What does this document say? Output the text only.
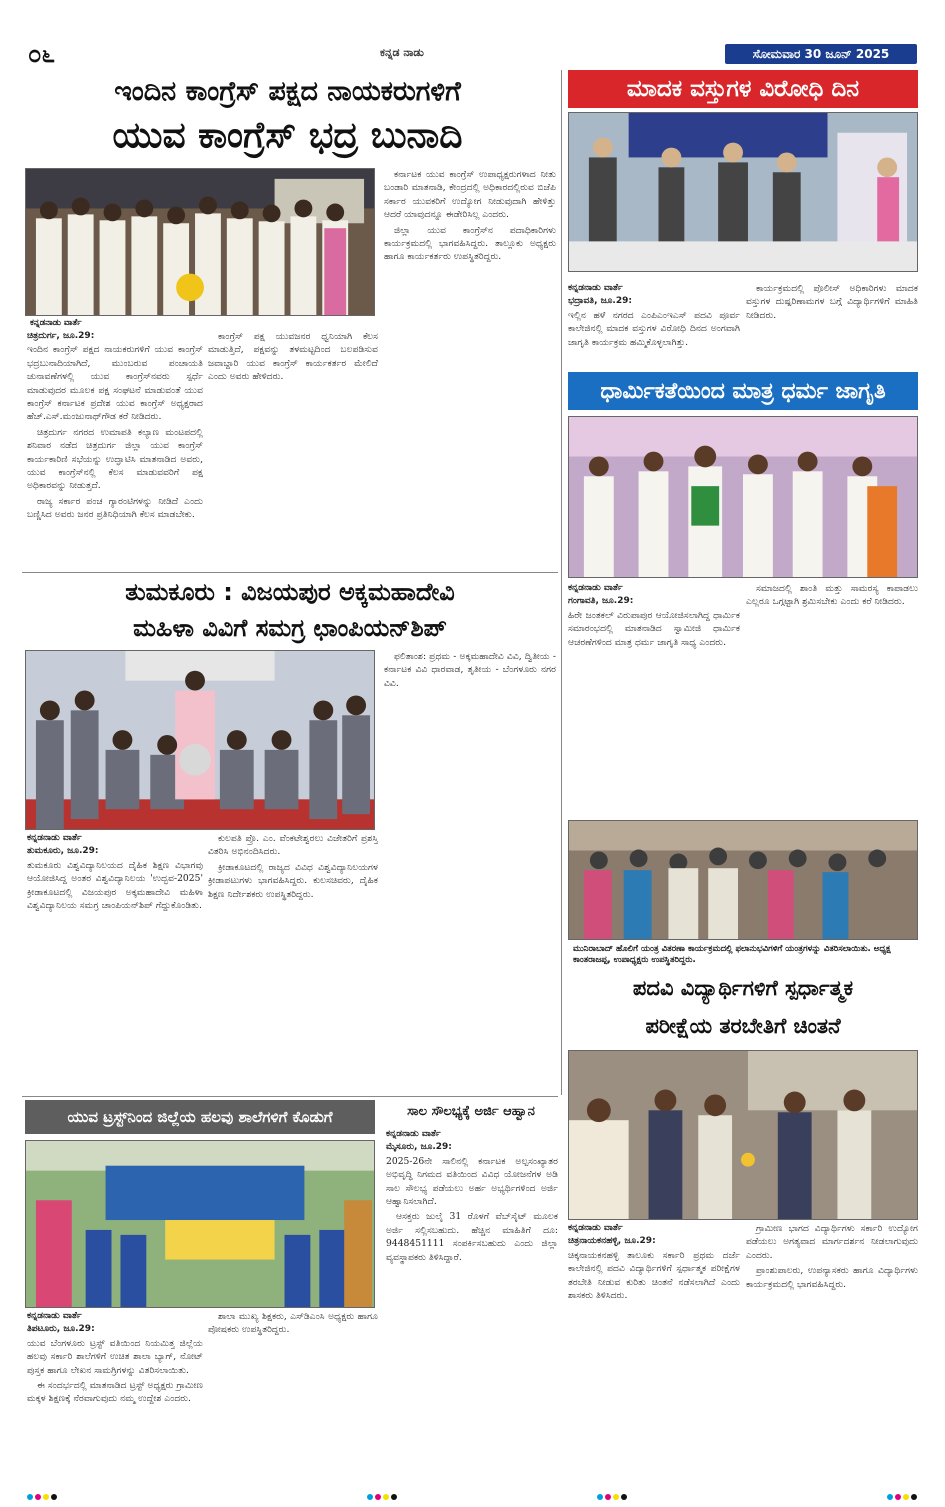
೦೬	ಕನ್ನಡ ನಾಡು	ಸೋಮವಾರ 30 ಜೂನ್ 2025
ಇಂದಿನ ಕಾಂಗ್ರೆಸ್ ಪಕ್ಷದ ನಾಯಕರುಗಳಿಗೆ
ಯುವ ಕಾಂಗ್ರೆಸ್ ಭದ್ರ ಬುನಾದಿ
ಕನ್ನಡನಾಡು ವಾರ್ತೆ

ಚಿತ್ರದುರ್ಗ, ಜೂ.29:
ಇಂದಿನ ಕಾಂಗ್ರೆಸ್ ಪಕ್ಷದ ನಾಯಕರುಗಳಿಗೆ ಯುವ ಕಾಂಗ್ರೆಸ್ ಭದ್ರಬುನಾದಿಯಾಗಿದೆ, ಮುಂಬರುವ ಪಂಚಾಯತಿ ಚುನಾವಣೆಗಳಲ್ಲಿ ಯುವ ಕಾಂಗ್ರೆಸ್‌ನವರು ಸ್ಪರ್ಧೆ ಮಾಡುವುದರ ಮೂಲಕ ಪಕ್ಷ ಸಂಘಟನೆ ಮಾಡುವಂತೆ ಯುವ ಕಾಂಗ್ರೆಸ್ ಕರ್ನಾಟಕ ಪ್ರದೇಶ ಯುವ ಕಾಂಗ್ರೆಸ್ ಅಧ್ಯಕ್ಷರಾದ ಹೆಚ್.ಎಸ್.ಮಂಜುನಾಥ್‌ಗೌಡ ಕರೆ ನೀಡಿದರು.

ಚಿತ್ರದುರ್ಗ ನಗರದ ಉಮಾಪತಿ ಕಲ್ಯಾಣ ಮಂಟಪದಲ್ಲಿ ಶನಿವಾರ ನಡೆದ ಚಿತ್ರದುರ್ಗ ಜಿಲ್ಲಾ ಯುವ ಕಾಂಗ್ರೆಸ್ ಕಾರ್ಯಕಾರಿಣಿ ಸಭೆಯನ್ನು ಉದ್ಘಾಟಿಸಿ ಮಾತನಾಡಿದ ಅವರು, ಯುವ ಕಾಂಗ್ರೆಸ್‌ನಲ್ಲಿ ಕೆಲಸ ಮಾಡುವವರಿಗೆ ಪಕ್ಷ ಅಧಿಕಾರವನ್ನು ನೀಡುತ್ತದೆ.

ರಾಜ್ಯ ಸರ್ಕಾರ ಪಂಚ ಗ್ಯಾರಂಟಿಗಳನ್ನು ನೀಡಿದೆ ಎಂದು ಬಣ್ಣಿಸಿದ ಅವರು ಜನರ ಪ್ರತಿನಿಧಿಯಾಗಿ ಕೆಲಸ ಮಾಡಬೇಕು.

ಕಾಂಗ್ರೆಸ್ ಪಕ್ಷ ಯುವಜನರ ಧ್ವನಿಯಾಗಿ ಕೆಲಸ ಮಾಡುತ್ತಿದೆ, ಪಕ್ಷವನ್ನು ತಳಮಟ್ಟದಿಂದ ಬಲಪಡಿಸುವ ಜವಾಬ್ದಾರಿ ಯುವ ಕಾಂಗ್ರೆಸ್ ಕಾರ್ಯಕರ್ತರ ಮೇಲಿದೆ ಎಂದು ಅವರು ಹೇಳಿದರು.

ಕರ್ನಾಟಕ ಯುವ ಕಾಂಗ್ರೆಸ್ ಉಪಾಧ್ಯಕ್ಷರುಗಳಾದ ನೀತು ಬಂಡಾರಿ ಮಾತನಾಡಿ, ಕೇಂದ್ರದಲ್ಲಿ ಅಧಿಕಾರದಲ್ಲಿರುವ ಬಿಜೆಪಿ ಸರ್ಕಾರ ಯುವಕರಿಗೆ ಉದ್ಯೋಗ ನೀಡುವುದಾಗಿ ಹೇಳಿತ್ತು ಆದರೆ ಯಾವುದನ್ನೂ ಈಡೇರಿಸಿಲ್ಲ ಎಂದರು.

ಜಿಲ್ಲಾ ಯುವ ಕಾಂಗ್ರೆಸ್‌ನ ಪದಾಧಿಕಾರಿಗಳು ಕಾರ್ಯಕ್ರಮದಲ್ಲಿ ಭಾಗವಹಿಸಿದ್ದರು. ತಾಲ್ಲೂಕು ಅಧ್ಯಕ್ಷರು ಹಾಗೂ ಕಾರ್ಯಕರ್ತರು ಉಪಸ್ಥಿತರಿದ್ದರು.

ಮಾದಕ ವಸ್ತುಗಳ ವಿರೋಧಿ ದಿನ

ಕನ್ನಡನಾಡು ವಾರ್ತೆ
ಭದ್ರಾವತಿ, ಜೂ.29:
ಇಲ್ಲಿನ ಹಳೆ ನಗರದ ಎಂಪಿಎಂಇಎಸ್ ಪದವಿ ಪೂರ್ವ ಕಾಲೇಜಿನಲ್ಲಿ ಮಾದಕ ವಸ್ತುಗಳ ವಿರೋಧಿ ದಿನದ ಅಂಗವಾಗಿ ಜಾಗೃತಿ ಕಾರ್ಯಕ್ರಮ ಹಮ್ಮಿಕೊಳ್ಳಲಾಗಿತ್ತು.

ಕಾರ್ಯಕ್ರಮದಲ್ಲಿ ಪೊಲೀಸ್ ಅಧಿಕಾರಿಗಳು ಮಾದಕ ವಸ್ತುಗಳ ದುಷ್ಪರಿಣಾಮಗಳ ಬಗ್ಗೆ ವಿದ್ಯಾರ್ಥಿಗಳಿಗೆ ಮಾಹಿತಿ ನೀಡಿದರು.

ಧಾರ್ಮಿಕತೆಯಿಂದ ಮಾತ್ರ ಧರ್ಮ ಜಾಗೃತಿ

ಕನ್ನಡನಾಡು ವಾರ್ತೆ
ಗಂಗಾವತಿ, ಜೂ.29:
ಹಿರೇ ಜಂತಕಲ್ ವಿರುಪಾಪುರ ಆಯೋಜಿಸಲಾಗಿದ್ದ ಧಾರ್ಮಿಕ ಸಮಾರಂಭದಲ್ಲಿ ಮಾತನಾಡಿದ ಸ್ವಾಮೀಜಿ ಧಾರ್ಮಿಕ ಆಚರಣೆಗಳಿಂದ ಮಾತ್ರ ಧರ್ಮ ಜಾಗೃತಿ ಸಾಧ್ಯ ಎಂದರು.

ಸಮಾಜದಲ್ಲಿ ಶಾಂತಿ ಮತ್ತು ಸಾಮರಸ್ಯ ಕಾಪಾಡಲು ಎಲ್ಲರೂ ಒಗ್ಗಟ್ಟಾಗಿ ಶ್ರಮಿಸಬೇಕು ಎಂದು ಕರೆ ನೀಡಿದರು.

ಮುನಿರಾಬಾದ್ ಹೊಲಿಗೆ ಯಂತ್ರ ವಿತರಣಾ ಕಾರ್ಯಕ್ರಮದಲ್ಲಿ ಫಲಾನುಭವಿಗಳಿಗೆ ಯಂತ್ರಗಳನ್ನು ವಿತರಿಸಲಾಯಿತು. ಅಧ್ಯಕ್ಷ ಕಾಂತರಾಜಪ್ಪ, ಉಪಾಧ್ಯಕ್ಷರು ಉಪಸ್ಥಿತರಿದ್ದರು.
ಪದವಿ ವಿದ್ಯಾರ್ಥಿಗಳಿಗೆ ಸ್ಪರ್ಧಾತ್ಮಕ
ಪರೀಕ್ಷೆಯ ತರಬೇತಿಗೆ ಚಿಂತನೆ

ಕನ್ನಡನಾಡು ವಾರ್ತೆ
ಚಿತ್ರನಾಯಕನಹಳ್ಳಿ, ಜೂ.29:
ಚಿಕ್ಕನಾಯಕನಹಳ್ಳಿ ತಾಲೂಕು ಸರ್ಕಾರಿ ಪ್ರಥಮ ದರ್ಜೆ ಕಾಲೇಜಿನಲ್ಲಿ ಪದವಿ ವಿದ್ಯಾರ್ಥಿಗಳಿಗೆ ಸ್ಪರ್ಧಾತ್ಮಕ ಪರೀಕ್ಷೆಗಳ ತರಬೇತಿ ನೀಡುವ ಕುರಿತು ಚಿಂತನೆ ನಡೆಸಲಾಗಿದೆ ಎಂದು ಶಾಸಕರು ತಿಳಿಸಿದರು.

ಗ್ರಾಮೀಣ ಭಾಗದ ವಿದ್ಯಾರ್ಥಿಗಳು ಸರ್ಕಾರಿ ಉದ್ಯೋಗ ಪಡೆಯಲು ಅಗತ್ಯವಾದ ಮಾರ್ಗದರ್ಶನ ನೀಡಲಾಗುವುದು ಎಂದರು.

ಪ್ರಾಂಶುಪಾಲರು, ಉಪನ್ಯಾಸಕರು ಹಾಗೂ ವಿದ್ಯಾರ್ಥಿಗಳು ಕಾರ್ಯಕ್ರಮದಲ್ಲಿ ಭಾಗವಹಿಸಿದ್ದರು.

ತುಮಕೂರು : ವಿಜಯಪುರ ಅಕ್ಕಮಹಾದೇವಿ
ಮಹಿಳಾ ವಿವಿಗೆ ಸಮಗ್ರ ಛಾಂಪಿಯನ್‌ಶಿಪ್

ಕನ್ನಡನಾಡು ವಾರ್ತೆ
ತುಮಕೂರು, ಜೂ.29:
ತುಮಕೂರು ವಿಶ್ವವಿದ್ಯಾನಿಲಯದ ದೈಹಿಕ ಶಿಕ್ಷಣ ವಿಭಾಗವು ಆಯೋಜಿಸಿದ್ದ ಅಂತರ ವಿಶ್ವವಿದ್ಯಾನಿಲಯ 'ಉದ್ಭವ-2025' ಕ್ರೀಡಾಕೂಟದಲ್ಲಿ ವಿಜಯಪುರ ಅಕ್ಕಮಹಾದೇವಿ ಮಹಿಳಾ ವಿಶ್ವವಿದ್ಯಾನಿಲಯ ಸಮಗ್ರ ಚಾಂಪಿಯನ್‌ಶಿಪ್ ಗೆದ್ದುಕೊಂಡಿತು.

ಕುಲಪತಿ ಪ್ರೊ. ಎಂ. ವೆಂಕಟೇಶ್ವರಲು ವಿಜೇತರಿಗೆ ಪ್ರಶಸ್ತಿ ವಿತರಿಸಿ ಅಭಿನಂದಿಸಿದರು.

ಕ್ರೀಡಾಕೂಟದಲ್ಲಿ ರಾಜ್ಯದ ವಿವಿಧ ವಿಶ್ವವಿದ್ಯಾನಿಲಯಗಳ ಕ್ರೀಡಾಪಟುಗಳು ಭಾಗವಹಿಸಿದ್ದರು. ಕುಲಸಚಿವರು, ದೈಹಿಕ ಶಿಕ್ಷಣ ನಿರ್ದೇಶಕರು ಉಪಸ್ಥಿತರಿದ್ದರು.

ಫಲಿತಾಂಶ: ಪ್ರಥಮ - ಅಕ್ಕಮಹಾದೇವಿ ವಿವಿ, ದ್ವಿತೀಯ - ಕರ್ನಾಟಕ ವಿವಿ ಧಾರವಾಡ, ತೃತೀಯ - ಬೆಂಗಳೂರು ನಗರ ವಿವಿ.

ಯುವ ಟ್ರಸ್ಟ್‌ನಿಂದ ಜಿಲ್ಲೆಯ ಹಲವು ಶಾಲೆಗಳಿಗೆ ಕೊಡುಗೆ

ಕನ್ನಡನಾಡು ವಾರ್ತೆ
ತಿಪಟೂರು, ಜೂ.29:
ಯುವ ಬೆಂಗಳೂರು ಟ್ರಸ್ಟ್ ವತಿಯಿಂದ ನಿಯಮಿತ್ತ ಜಿಲ್ಲೆಯ ಹಲವು ಸರ್ಕಾರಿ ಶಾಲೆಗಳಿಗೆ ಉಚಿತ ಶಾಲಾ ಬ್ಯಾಗ್, ನೋಟ್ ಪುಸ್ತಕ ಹಾಗೂ ಲೇಖನ ಸಾಮಗ್ರಿಗಳನ್ನು ವಿತರಿಸಲಾಯಿತು.

ಈ ಸಂದರ್ಭದಲ್ಲಿ ಮಾತನಾಡಿದ ಟ್ರಸ್ಟ್ ಅಧ್ಯಕ್ಷರು ಗ್ರಾಮೀಣ ಮಕ್ಕಳ ಶಿಕ್ಷಣಕ್ಕೆ ನೆರವಾಗುವುದು ನಮ್ಮ ಉದ್ದೇಶ ಎಂದರು.

ಶಾಲಾ ಮುಖ್ಯ ಶಿಕ್ಷಕರು, ಎಸ್‌ಡಿಎಂಸಿ ಅಧ್ಯಕ್ಷರು ಹಾಗೂ ಪೋಷಕರು ಉಪಸ್ಥಿತರಿದ್ದರು.

ಸಾಲ ಸೌಲಭ್ಯಕ್ಕೆ ಅರ್ಜಿ ಆಹ್ವಾನ

ಕನ್ನಡನಾಡು ವಾರ್ತೆ
ಮೈಸೂರು, ಜೂ.29:
2025-26ನೇ ಸಾಲಿನಲ್ಲಿ ಕರ್ನಾಟಕ ಅಲ್ಪಸಂಖ್ಯಾತರ ಅಭಿವೃದ್ಧಿ ನಿಗಮದ ವತಿಯಿಂದ ವಿವಿಧ ಯೋಜನೆಗಳ ಅಡಿ ಸಾಲ ಸೌಲಭ್ಯ ಪಡೆಯಲು ಅರ್ಹ ಅಭ್ಯರ್ಥಿಗಳಿಂದ ಅರ್ಜಿ ಆಹ್ವಾನಿಸಲಾಗಿದೆ.

ಆಸಕ್ತರು ಜುಲೈ 31 ರೊಳಗೆ ವೆಬ್‌ಸೈಟ್ ಮೂಲಕ ಅರ್ಜಿ ಸಲ್ಲಿಸಬಹುದು. ಹೆಚ್ಚಿನ ಮಾಹಿತಿಗೆ ದೂ: 9448451111 ಸಂಪರ್ಕಿಸಬಹುದು ಎಂದು ಜಿಲ್ಲಾ ವ್ಯವಸ್ಥಾಪಕರು ತಿಳಿಸಿದ್ದಾರೆ.
